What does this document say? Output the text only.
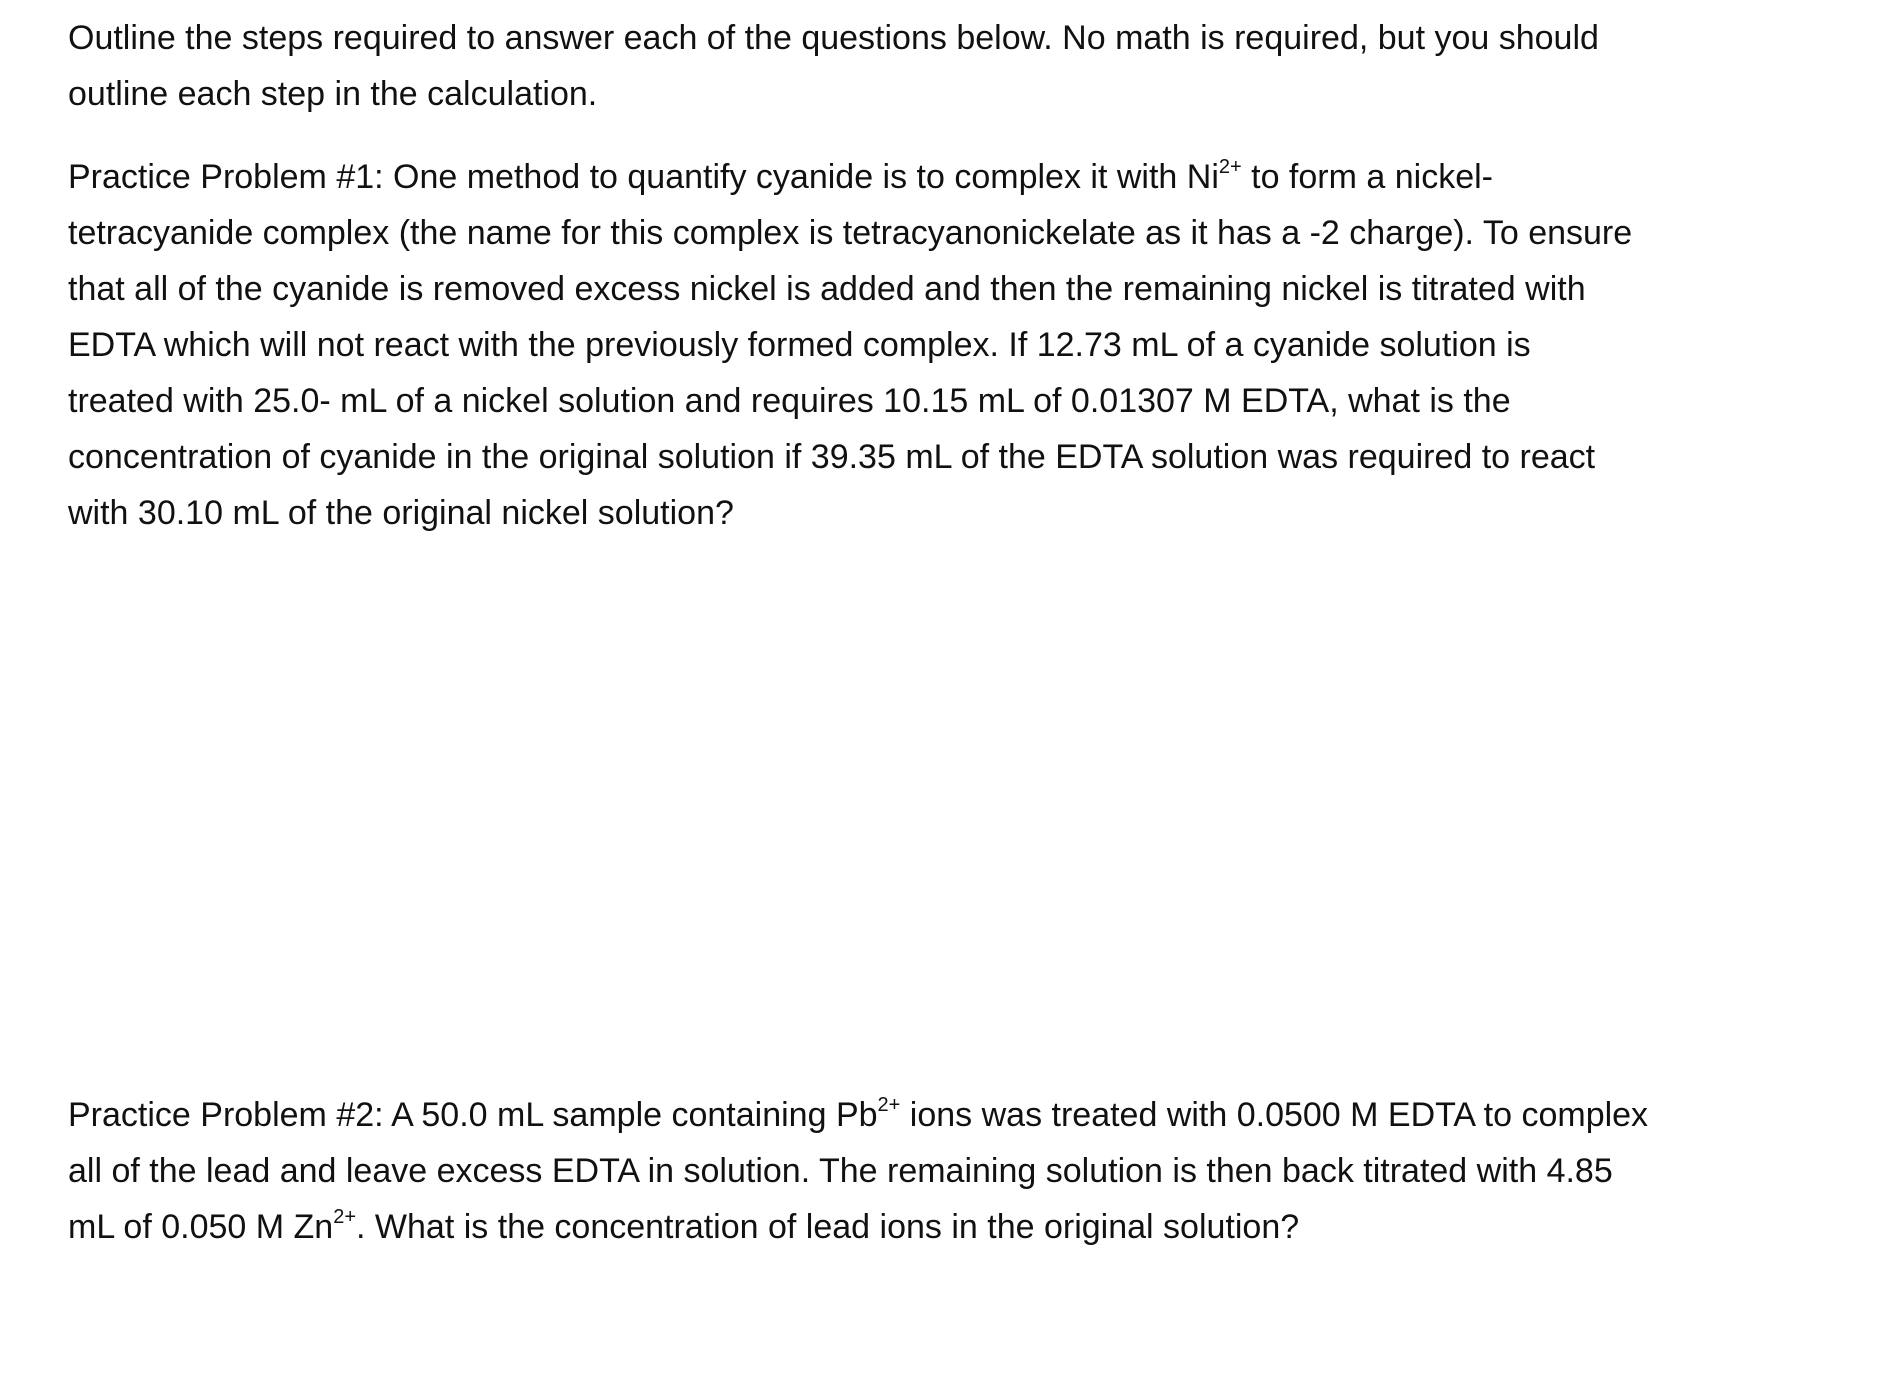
Outline the steps required to answer each of the questions below. No math is required, but you should
outline each step in the calculation.

Practice Problem #1: One method to quantify cyanide is to complex it with $Ni^{2+}$ to form a nickel-
tetracyanide complex (the name for this complex is tetracyanonickelate as it has a -2 charge). To ensure
that all of the cyanide is removed excess nickel is added and then the remaining nickel is titrated with
EDTA which will not react with the previously formed complex. If 12.73 mL of a cyanide solution is
treated with 25.0- mL of a nickel solution and requires 10.15 mL of 0.01307 M EDTA, what is the
concentration of cyanide in the original solution if 39.35 mL of the EDTA solution was required to react
with 30.10 mL of the original nickel solution?

Practice Problem #2: A 50.0 mL sample containing $Pb^{2+}$ ions was treated with 0.0500 M EDTA to complex
all of the lead and leave excess EDTA in solution. The remaining solution is then back titrated with 4.85
mL of 0.050 M $Zn^{2+}$. What is the concentration of lead ions in the original solution?
